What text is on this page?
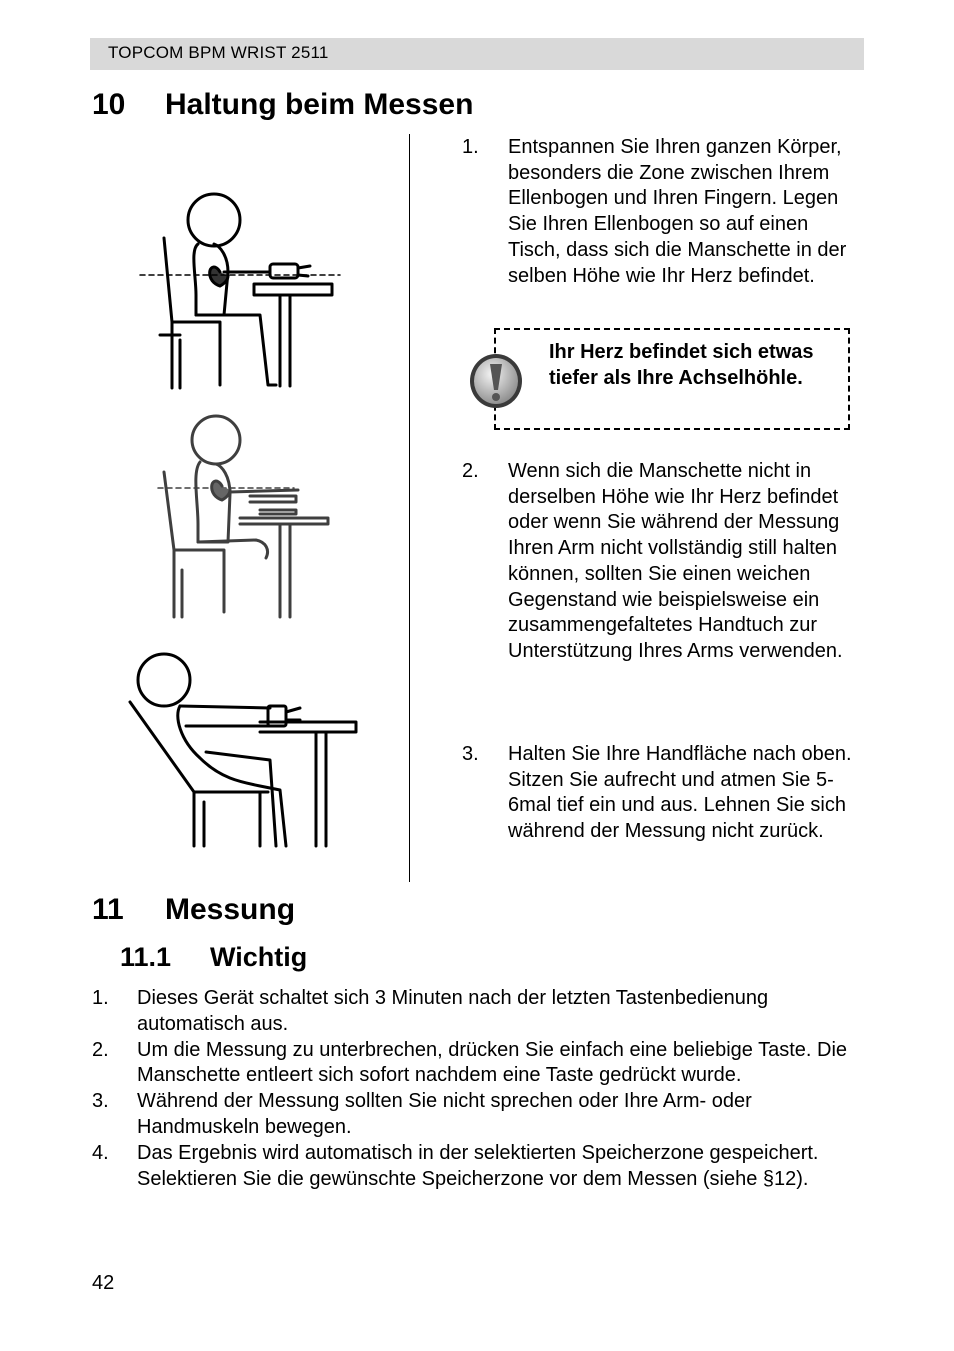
TOPCOM BPM WRIST 2511
10 Haltung beim Messen
1. Entspannen Sie Ihren ganzen Körper, besonders die Zone zwischen Ihrem Ellenbogen und Ihren Fingern. Legen Sie Ihren Ellenbogen so auf einen Tisch, dass sich die Manschette in der selben Höhe wie Ihr Herz befindet.
Ihr Herz befindet sich etwas tiefer als Ihre Achselhöhle.
2. Wenn sich die Manschette nicht in derselben Höhe wie Ihr Herz befindet oder wenn Sie während der Messung Ihren Arm nicht vollständig still halten können, sollten Sie einen weichen Gegenstand wie beispielsweise ein zusammengefaltetes Handtuch zur Unterstützung Ihres Arms verwenden.
3. Halten Sie Ihre Handfläche nach oben. Sitzen Sie aufrecht und atmen Sie 5-6mal tief ein und aus. Lehnen Sie sich während der Messung nicht zurück.
11 Messung
11.1 Wichtig
1. Dieses Gerät schaltet sich 3 Minuten nach der letzten Tastenbedienung automatisch aus.
2. Um die Messung zu unterbrechen, drücken Sie einfach eine beliebige Taste. Die Manschette entleert sich sofort nachdem eine Taste gedrückt wurde.
3. Während der Messung sollten Sie nicht sprechen oder Ihre Arm- oder Handmuskeln bewegen.
4. Das Ergebnis wird automatisch in der selektierten Speicherzone gespeichert. Selektieren Sie die gewünschte Speicherzone vor dem Messen (siehe §12).
42
